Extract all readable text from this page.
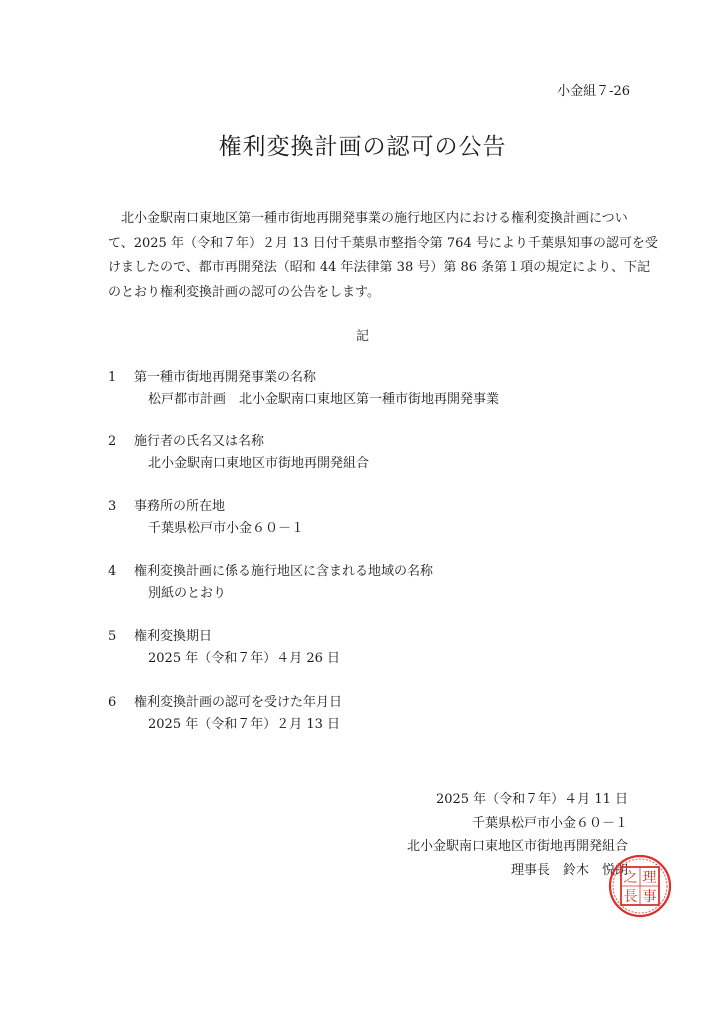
小金組７-26
権利変換計画の認可の公告
北小金駅南口東地区第一種市街地再開発事業の施行地区内における権利変換計画につい
て、2025 年（令和７年）２月 13 日付千葉県市整指令第 764 号により千葉県知事の認可を受
けましたので、都市再開発法（昭和 44 年法律第 38 号）第 86 条第１項の規定により、下記
のとおり権利変換計画の認可の公告をします。
記
1 第一種市街地再開発事業の名称
松戸都市計画　北小金駅南口東地区第一種市街地再開発事業
2 施行者の氏名又は名称
北小金駅南口東地区市街地再開発組合
3 事務所の所在地
千葉県松戸市小金６０－１
4 権利変換計画に係る施行地区に含まれる地域の名称
別紙のとおり
5 権利変換期日
2025 年（令和７年）４月 26 日
6 権利変換計画の認可を受けた年月日
2025 年（令和７年）２月 13 日
2025 年（令和７年）４月 11 日
千葉県松戸市小金６０－１
北小金駅南口東地区市街地再開発組合
理事長　鈴木　悦朗 理
事
之
長
